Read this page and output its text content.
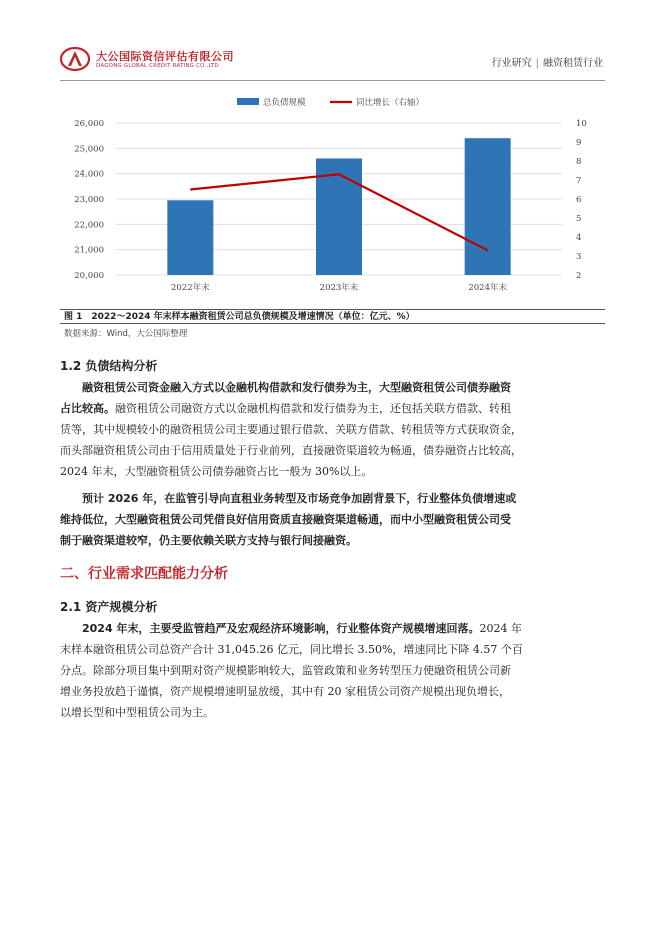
大公国际资信评估有限公司
DAGONG GLOBAL CREDIT RATING CO.,LTD	行业研究 | 融资租赁行业
20,000
21,000
22,000
23,000
24,000
25,000
26,000
2
3
4
5
6
7
8
9
10
2022年末	2023年末	2024年末
总负债规模	同比增长（右轴）
图 1　2022～2024 年末样本融资租赁公司总负债规模及增速情况（单位：亿元、%）
数据来源：Wind，大公国际整理
1.2 负债结构分析
融资租赁公司资金融入方式以金融机构借款和发行债券为主，大型融资租赁公司债券融资
占比较高。融资租赁公司融资方式以金融机构借款和发行债券为主，还包括关联方借款、转租
赁等，其中规模较小的融资租赁公司主要通过银行借款、关联方借款、转租赁等方式获取资金，
而头部融资租赁公司由于信用质量处于行业前列，直接融资渠道较为畅通，债券融资占比较高，
2024 年末，大型融资租赁公司债券融资占比一般为 30%以上。
预计 2026 年，在监管引导向直租业务转型及市场竞争加剧背景下，行业整体负债增速或
维持低位，大型融资租赁公司凭借良好信用资质直接融资渠道畅通，而中小型融资租赁公司受
制于融资渠道较窄，仍主要依赖关联方支持与银行间接融资。
二、行业需求匹配能力分析
2.1 资产规模分析
2024 年末，主要受监管趋严及宏观经济环境影响，行业整体资产规模增速回落。2024 年
末样本融资租赁公司总资产合计 31,045.26 亿元，同比增长 3.50%，增速同比下降 4.57 个百
分点。除部分项目集中到期对资产规模影响较大，监管政策和业务转型压力使融资租赁公司新
增业务投放趋于谨慎，资产规模增速明显放缓，其中有 20 家租赁公司资产规模出现负增长，
以增长型和中型租赁公司为主。
